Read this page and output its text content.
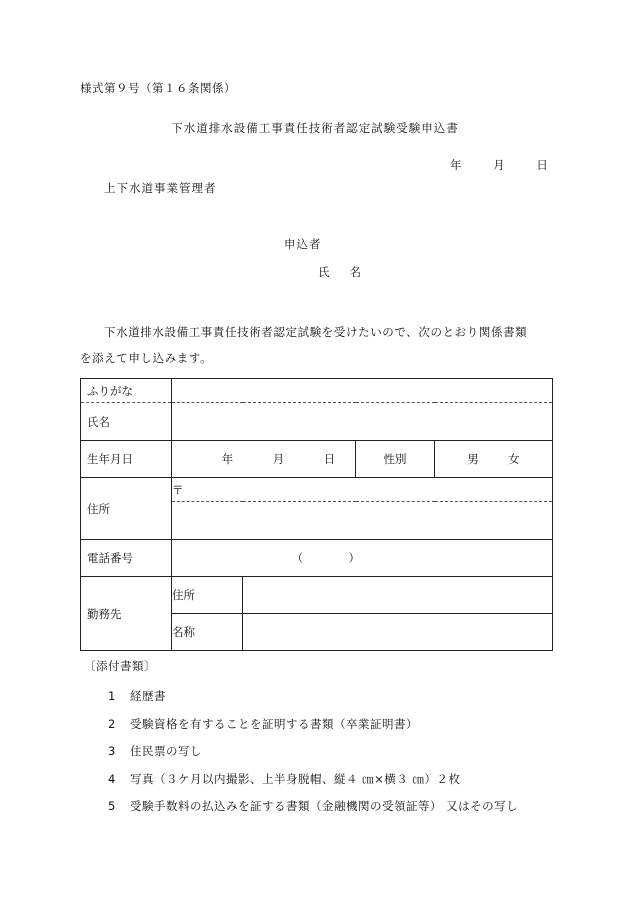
様式第９号（第１６条関係）
下水道排水設備工事責任技術者認定試験受験申込書
年	月	日
上下水道事業管理者
申込者
氏名
下水道排水設備工事責任技術者認定試験を受けたいので、次のとおり関係書類
を添えて申し込みます。
ふりがな				

氏名				

生年月日	年 月 日		性別	男 女

住所	〒			

電話番号	（ ）			

勤務先	住所			

	名称			

〔添付書類〕
1 経歴書
2 受験資格を有することを証明する書類（卒業証明書）
3 住民票の写し
4 写真（３ケ月以内撮影、上半身脱帽、縦４ ㎝×横３ ㎝）２枚
5 受験手数料の払込みを証する書類（金融機関の受領証等） 又はその写し
